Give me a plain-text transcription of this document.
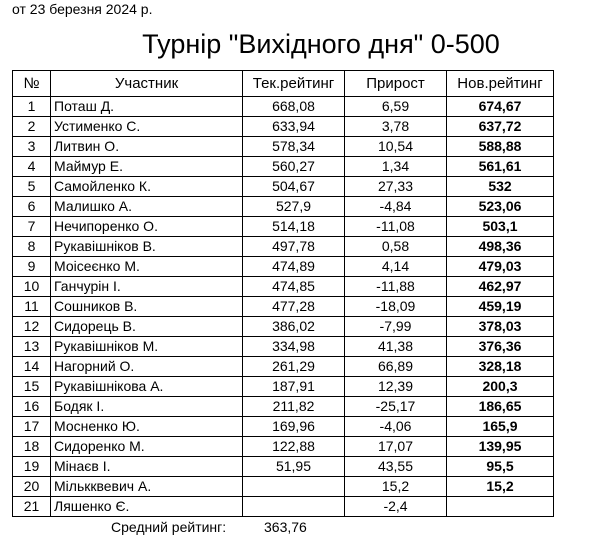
от 23 березня 2024 р.
Турнір "Вихідного дня" 0-500
№	Участник	Тек.рейтинг	Прирост	Нов.рейтинг
1	Поташ Д.	668,08	6,59	674,67
2	Устименко С.	633,94	3,78	637,72
3	Литвин О.	578,34	10,54	588,88
4	Маймур Е.	560,27	1,34	561,61
5	Самойленко К.	504,67	27,33	532
6	Малишко А.	527,9	-4,84	523,06
7	Нечипоренко О.	514,18	-11,08	503,1
8	Рукавішніков В.	497,78	0,58	498,36
9	Моісеєнко М.	474,89	4,14	479,03
10	Ганчурін І.	474,85	-11,88	462,97
11	Сошников В.	477,28	-18,09	459,19
12	Сидорець В.	386,02	-7,99	378,03
13	Рукавішніков М.	334,98	41,38	376,36
14	Нагорний О.	261,29	66,89	328,18
15	Рукавішнікова А.	187,91	12,39	200,3
16	Бодяк І.	211,82	-25,17	186,65
17	Мосненко Ю.	169,96	-4,06	165,9
18	Сидоренко М.	122,88	17,07	139,95
19	Мінаєв І.	51,95	43,55	95,5
20	Мількквевич А.		15,2	15,2
21	Ляшенко Є.		-2,4	
Средний рейтинг:	363,76
